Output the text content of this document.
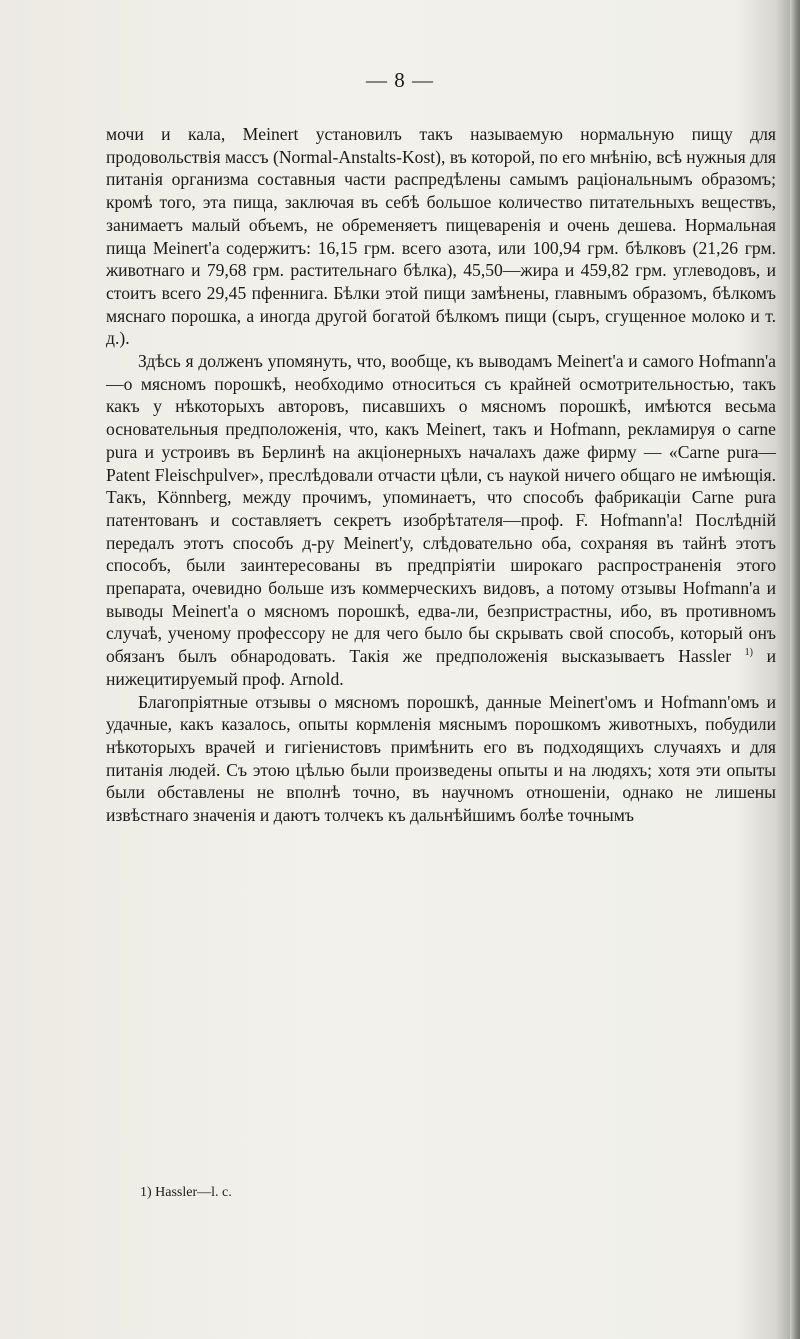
— 8 —

мочи и кала, Meinert установилъ такъ называемую нормальную пищу для продовольствія массъ (Normal-Anstalts-Kost), въ которой, по его мнѣнію, всѣ нужныя для питанія организма составныя части распредѣлены самымъ раціональнымъ образомъ; кромѣ того, эта пища, заключая въ себѣ большое количество питательныхъ веществъ, занимаетъ малый объемъ, не обременяетъ пищеваренія и очень дешева. Нормальная пища Meinert'а содержитъ: 16,15 грм. всего азота, или 100,94 грм. бѣлковъ (21,26 грм. животнаго и 79,68 грм. растительнаго бѣлка), 45,50—жира и 459,82 грм. углеводовъ, и стоитъ всего 29,45 пфеннига. Бѣлки этой пищи замѣнены, главнымъ образомъ, бѣлкомъ мяснаго порошка, а иногда другой богатой бѣлкомъ пищи (сыръ, сгущенное молоко и т. д.).

Здѣсь я долженъ упомянуть, что, вообще, къ выводамъ Meinert'а и самого Hofmann'а—о мясномъ порошкѣ, необходимо относиться съ крайней осмотрительностью, такъ какъ у нѣкоторыхъ авторовъ, писавшихъ о мясномъ порошкѣ, имѣются весьма основательныя предположенія, что, какъ Meinert, такъ и Hofmann, рекламируя о carne pura и устроивъ въ Берлинѣ на акціонерныхъ началахъ даже фирму — «Carne pura—Patent Fleischpulver», преслѣдовали отчасти цѣли, съ наукой ничего общаго не имѣющія. Такъ, Könnberg, между прочимъ, упоминаетъ, что способъ фабрикаціи Carne pura патентованъ и составляетъ секретъ изобрѣтателя—проф. F. Hofmann'а! Послѣдній передалъ этотъ способъ д-ру Meinert'у, слѣдовательно оба, сохраняя въ тайнѣ этотъ способъ, были заинтересованы въ предпріятіи широкаго распространенія этого препарата, очевидно больше изъ коммерческихъ видовъ, а потому отзывы Hofmann'а и выводы Meinert'а о мясномъ порошкѣ, едва-ли, безпристрастны, ибо, въ противномъ случаѣ, ученому профессору не для чего было бы скрывать свой способъ, который онъ обязанъ былъ обнародовать. Такія же предположенія высказываетъ Hassler $^{1)}$ и нижецитируемый проф. Arnold.

Благопріятные отзывы о мясномъ порошкѣ, данные Meinert'омъ и Hofmann'омъ и удачные, какъ казалось, опыты кормленія мяснымъ порошкомъ животныхъ, побудили нѣкоторыхъ врачей и гигіенистовъ примѣнить его въ подходящихъ случаяхъ и для питанія людей. Съ этою цѣлью были произведены опыты и на людяхъ; хотя эти опыты были обставлены не вполнѣ точно, въ научномъ отношеніи, однако не лишены извѣстнаго значенія и даютъ толчекъ къ дальнѣйшимъ болѣе точнымъ

1) Hassler—l. c.
